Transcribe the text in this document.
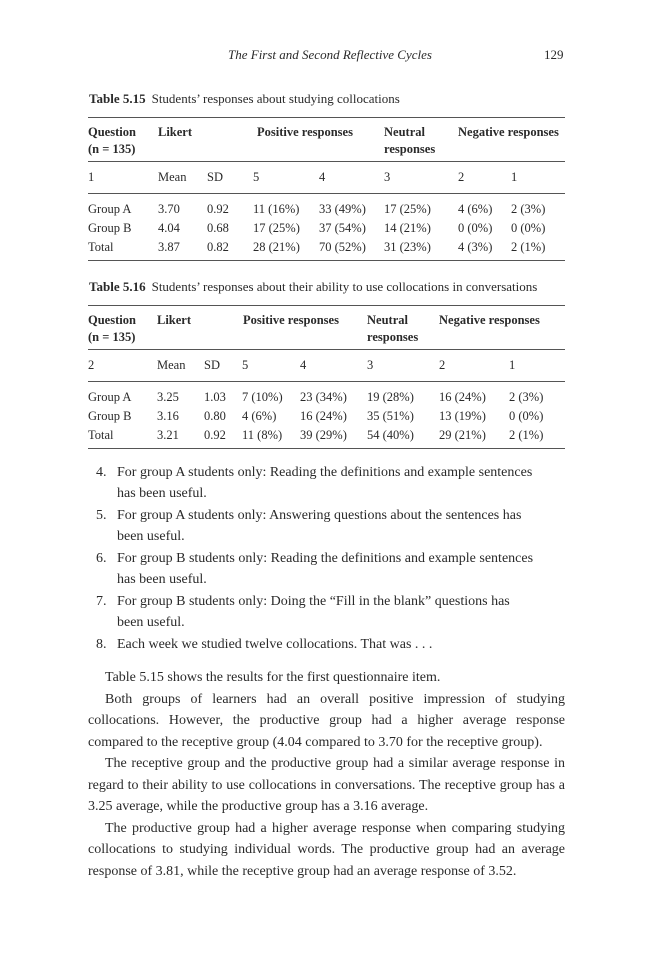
The First and Second Reflective Cycles	129
Table 5.15 Students’ responses about studying collocations
Question	Likert		Positive responses		Neutral	Negative responses	
(n = 135)					responses		
1	Mean	SD	5	4	3	2	1
Group A	3.70	0.92	11 (16%)	33 (49%)	17 (25%)	4 (6%)	2 (3%)
Group B	4.04	0.68	17 (25%)	37 (54%)	14 (21%)	0 (0%)	0 (0%)
Total	3.87	0.82	28 (21%)	70 (52%)	31 (23%)	4 (3%)	2 (1%)
Table 5.16 Students’ responses about their ability to use collocations in conversations
Question	Likert		Positive responses		Neutral	Negative responses	
(n = 135)					responses		
2	Mean	SD	5	4	3	2	1
Group A	3.25	1.03	7 (10%)	23 (34%)	19 (28%)	16 (24%)	2 (3%)
Group B	3.16	0.80	4 (6%)	16 (24%)	35 (51%)	13 (19%)	0 (0%)
Total	3.21	0.92	11 (8%)	39 (29%)	54 (40%)	29 (21%)	2 (1%)
4. For group A students only: Reading the definitions and example sentences
has been useful.
5. For group A students only: Answering questions about the sentences has
been useful.
6. For group B students only: Reading the definitions and example sentences
has been useful.
7. For group B students only: Doing the “Fill in the blank” questions has
been useful.
8. Each week we studied twelve collocations. That was . . .

Table 5.15 shows the results for the first questionnaire item.

Both groups of learners had an overall positive impression of studying collocations. However, the productive group had a higher average response compared to the receptive group (4.04 compared to 3.70 for the receptive group).

The receptive group and the productive group had a similar average response in regard to their ability to use collocations in conversations. The receptive group has a 3.25 average, while the productive group has a 3.16 average.

The productive group had a higher average response when comparing studying collocations to studying individual words. The productive group had an average response of 3.81, while the receptive group had an average response of 3.52.
